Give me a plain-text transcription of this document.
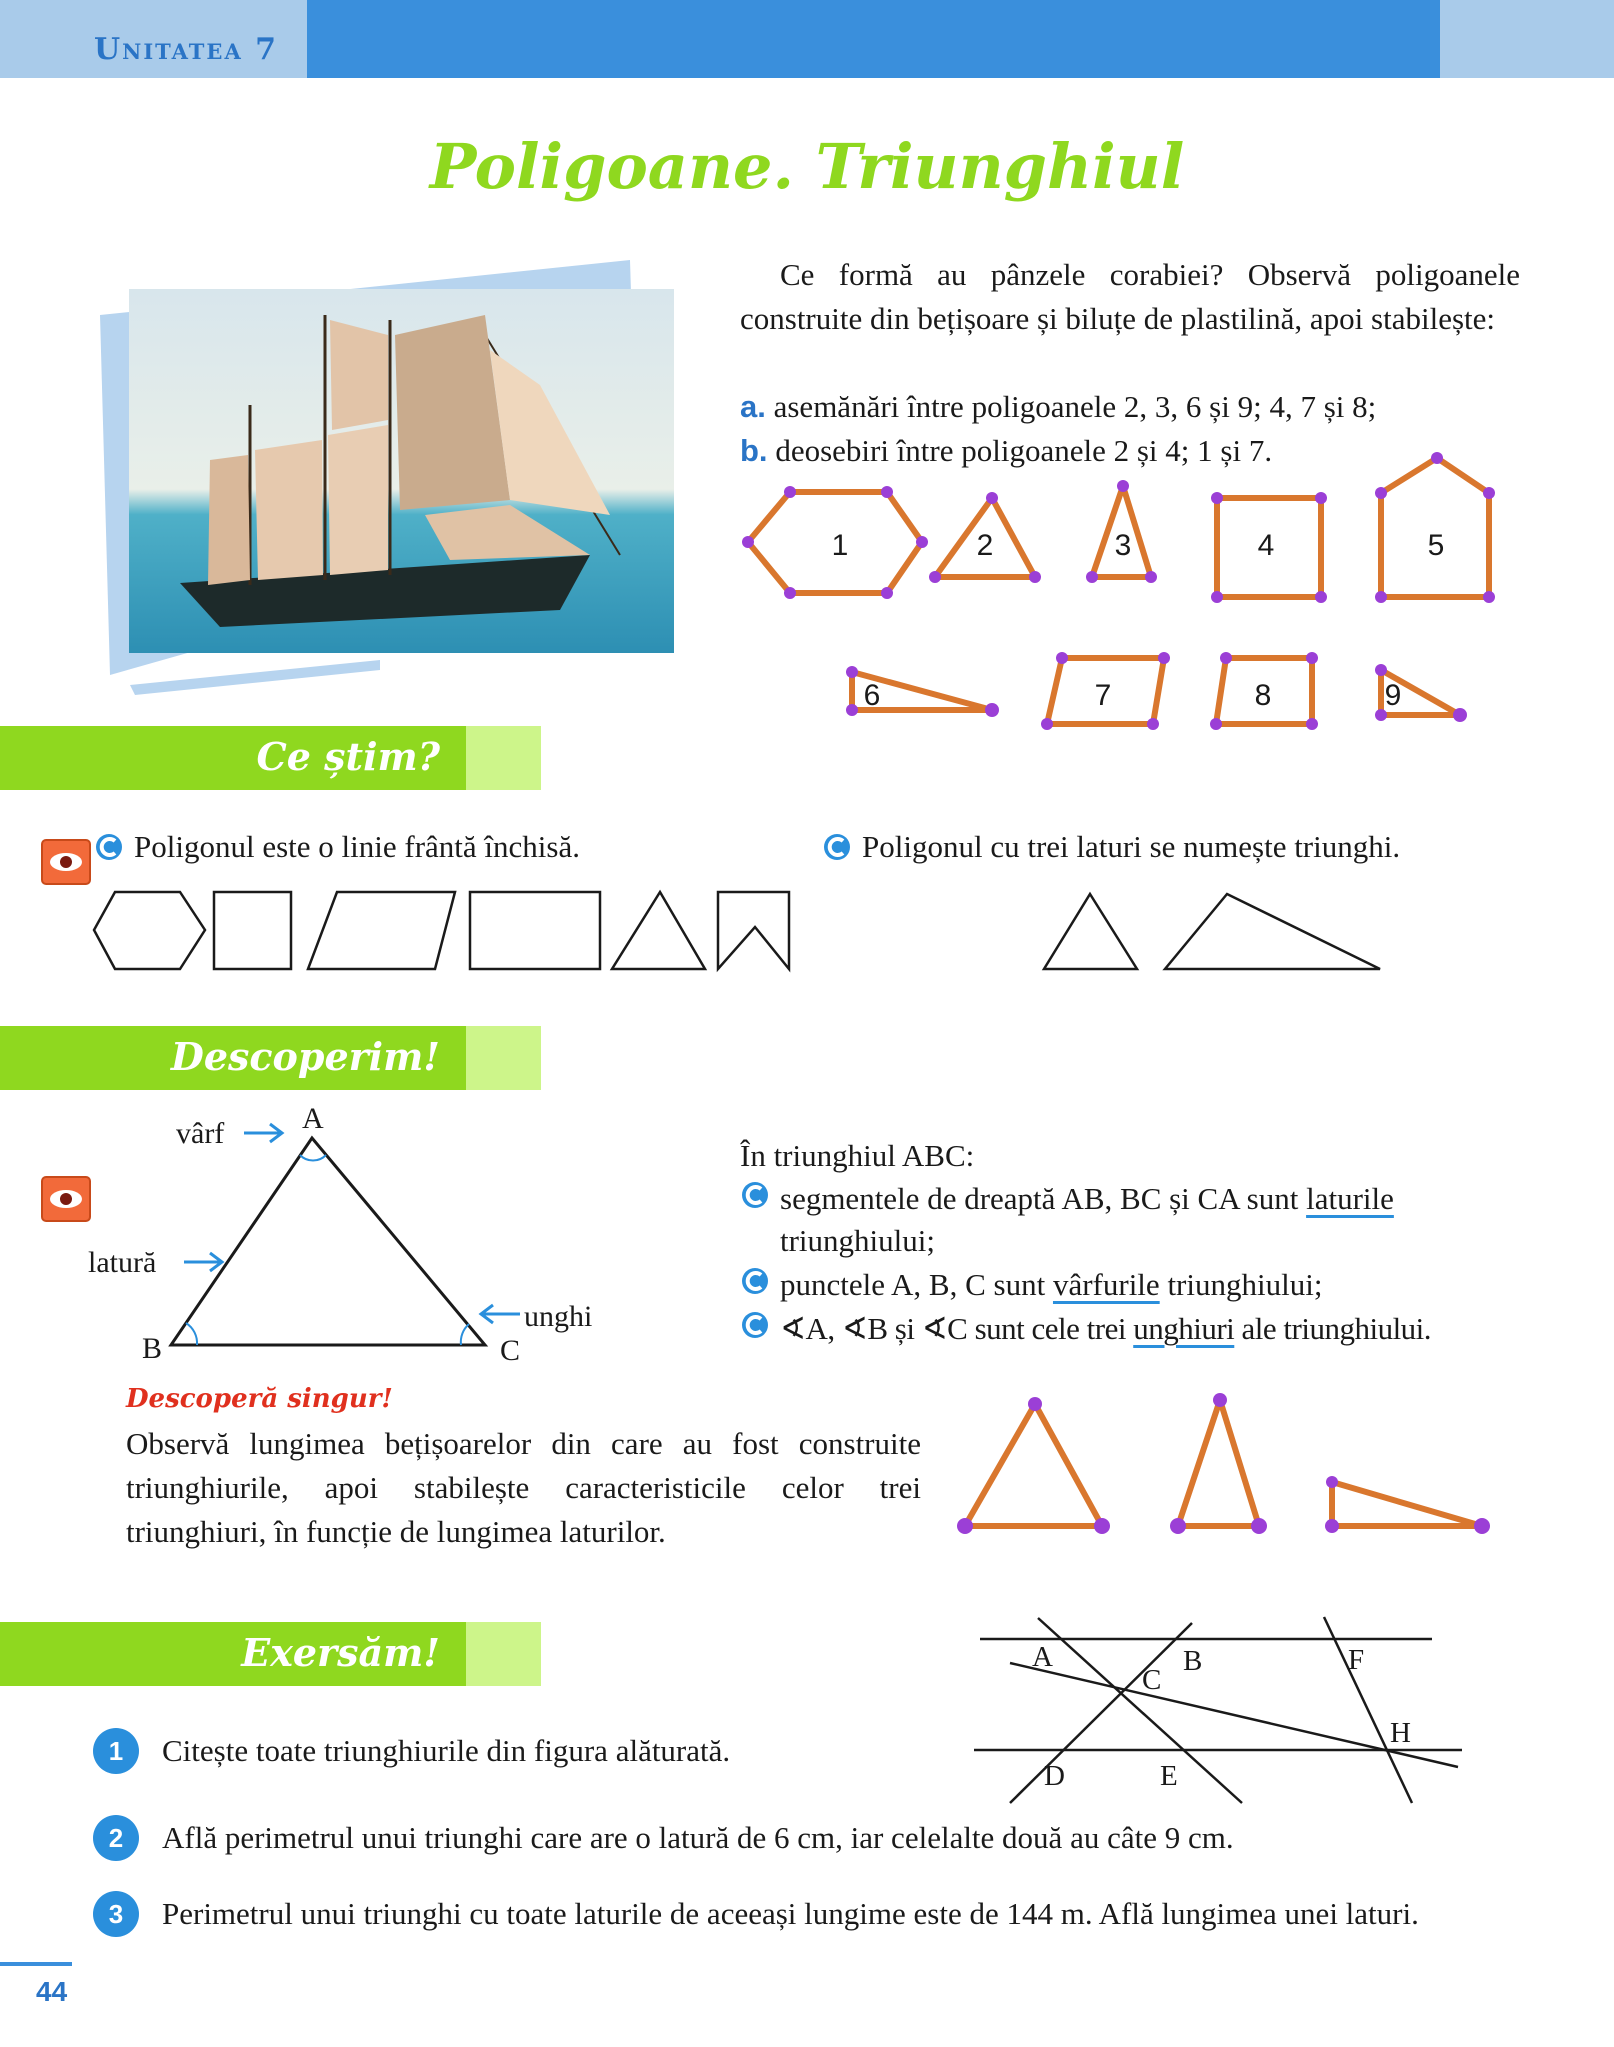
Unitatea 7
Poligoane. Triunghiul
Ce formă au pânzele corabiei? Observă poligoanele construite din bețișoare și biluțe de plastilină, apoi stabilește:
a. asemănări între poligoanele 2, 3, 6 și 9; 4, 7 și 8;
b. deosebiri între poligoanele 2 și 4; 1 și 7.
1	2	3	4	5
6	7	8	9
Ce știm?
Poligonul este o linie frântă închisă.	Poligonul cu trei laturi se numește triunghi.
Descoperim!
A
B	C
vârf
latură
unghi
În triunghiul ABC:
segmentele de dreaptă AB, BC și CA sunt laturile triunghiului;
punctele A, B, C sunt vârfurile triunghiului;
∢A, ∢B și ∢C sunt cele trei unghiuri ale triunghiului.
Descoperă singur!
Observă lungimea bețișoarelor din care au fost construite triunghiurile, apoi stabilește caracteristicile celor trei triunghiuri, în funcție de lungimea laturilor.
Exersăm!	A	B
C
F
H
D	E
1	Citește toate triunghiurile din figura alăturată.
2	Află perimetrul unui triunghi care are o latură de 6 cm, iar celelalte două au câte 9 cm.
3	Perimetrul unui triunghi cu toate laturile de aceeași lungime este de 144 m. Află lungimea unei laturi.
44
